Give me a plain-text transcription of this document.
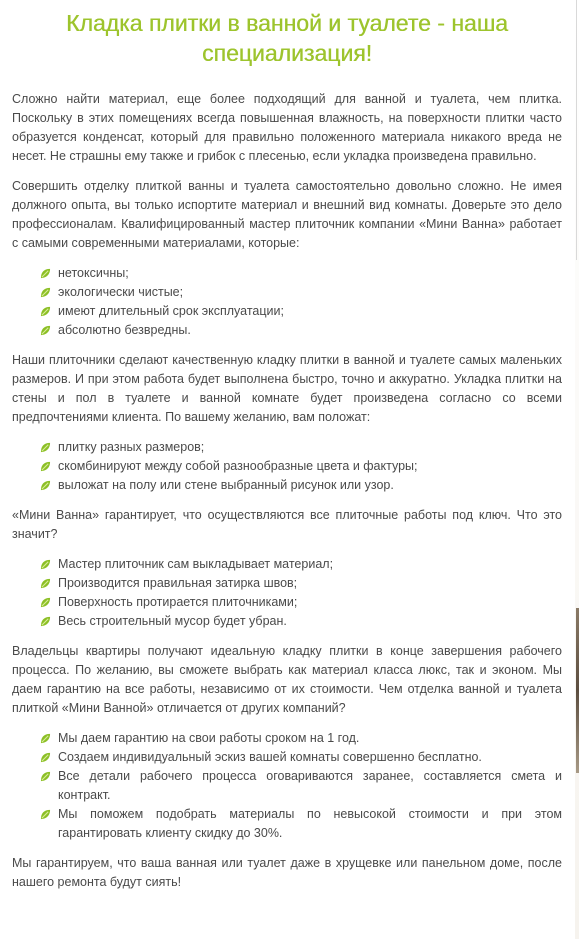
Кладка плитки в ванной и туалете - наша специализация!

Сложно найти материал, еще более подходящий для ванной и туалета, чем плитка. Поскольку в этих помещениях всегда повышенная влажность, на поверхности плитки часто образуется конденсат, который для правильно положенного материала никакого вреда не несет. Не страшны ему также и грибок с плесенью, если укладка произведена правильно.

Совершить отделку плиткой ванны и туалета самостоятельно довольно сложно. Не имея должного опыта, вы только испортите материал и внешний вид комнаты. Доверьте это дело профессионалам. Квалифицированный мастер плиточник компании «Мини Ванна» работает с самыми современными материалами, которые:

нетоксичны;
экологически чистые;
имеют длительный срок эксплуатации;
абсолютно безвредны.

Наши плиточники сделают качественную кладку плитки в ванной и туалете самых маленьких размеров. И при этом работа будет выполнена быстро, точно и аккуратно. Укладка плитки на стены и пол в туалете и ванной комнате будет произведена согласно со всеми предпочтениями клиента. По вашему желанию, вам положат:

плитку разных размеров;
скомбинируют между собой разнообразные цвета и фактуры;
выложат на полу или стене выбранный рисунок или узор.

«Мини Ванна» гарантирует, что осуществляются все плиточные работы под ключ. Что это значит?

Мастер плиточник сам выкладывает материал;
Производится правильная затирка швов;
Поверхность протирается плиточниками;
Весь строительный мусор будет убран.

Владельцы квартиры получают идеальную кладку плитки в конце завершения рабочего процесса. По желанию, вы сможете выбрать как материал класса люкс, так и эконом. Мы даем гарантию на все работы, независимо от их стоимости. Чем отделка ванной и туалета плиткой «Мини Ванной» отличается от других компаний?

Мы даем гарантию на свои работы сроком на 1 год.
Создаем индивидуальный эскиз вашей комнаты совершенно бесплатно.
Все детали рабочего процесса оговариваются заранее, составляется смета и контракт.
Мы поможем подобрать материалы по невысокой стоимости и при этом гарантировать клиенту скидку до 30%.

Мы гарантируем, что ваша ванная или туалет даже в хрущевке или панельном доме, после нашего ремонта будут сиять!
